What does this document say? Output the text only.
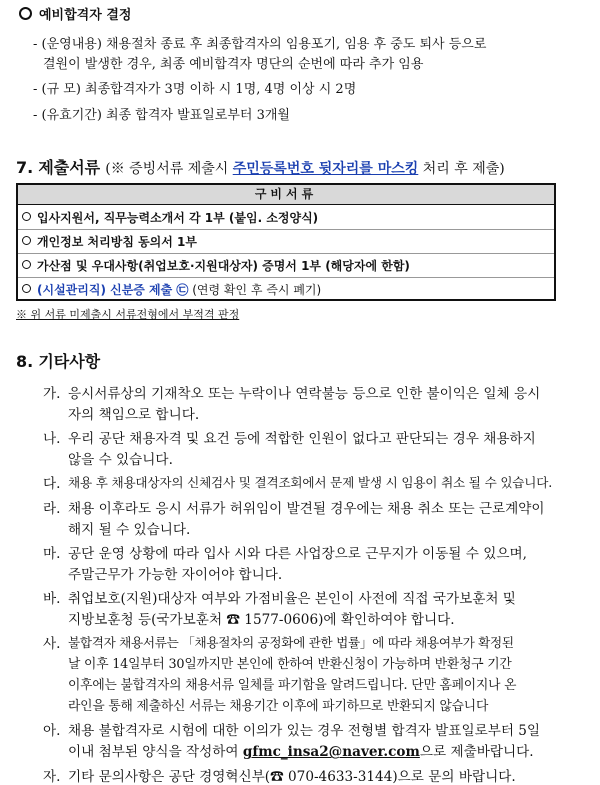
예비합격자 결정
- (운영내용) 채용절차 종료 후 최종합격자의 임용포기, 임용 후 중도 퇴사 등으로
결원이 발생한 경우, 최종 예비합격자 명단의 순번에 따라 추가 임용
- (규 모) 최종합격자가 3명 이하 시 1명, 4명 이상 시 2명
- (유효기간) 최종 합격자 발표일로부터 3개월
7. 제출서류 (※ 증빙서류 제출시 주민등록번호 뒷자리를 마스킹 처리 후 제출)
구비서류
입사지원서, 직무능력소개서 각 1부 (붙임. 소정양식)
개인정보 처리방침 동의서 1부
가산점 및 우대사항(취업보호·지원대상자) 증명서 1부 (해당자에 한함)
(시설관리직) 신분증 제출 ㉢ (연령 확인 후 즉시 폐기)
※ 위 서류 미제출시 서류전형에서 부적격 판정
8. 기타사항
가. 응시서류상의 기재착오 또는 누락이나 연락불능 등으로 인한 불이익은 일체 응시
자의 책임으로 합니다.
나. 우리 공단 채용자격 및 요건 등에 적합한 인원이 없다고 판단되는 경우 채용하지
않을 수 있습니다.
다. 채용 후 채용대상자의 신체검사 및 결격조회에서 문제 발생 시 임용이 취소 될 수 있습니다.
라. 채용 이후라도 응시 서류가 허위임이 발견될 경우에는 채용 취소 또는 근로계약이
해지 될 수 있습니다.
마. 공단 운영 상황에 따라 입사 시와 다른 사업장으로 근무지가 이동될 수 있으며,
주말근무가 가능한 자이어야 합니다.
바. 취업보호(지원)대상자 여부와 가점비율은 본인이 사전에 직접 국가보훈처 및
지방보훈청 등(국가보훈처 ☎ 1577-0606)에 확인하여야 합니다.
사. 불합격자 채용서류는 「채용절차의 공정화에 관한 법률」에 따라 채용여부가 확정된
날 이후 14일부터 30일까지만 본인에 한하여 반환신청이 가능하며 반환청구 기간
이후에는 불합격자의 채용서류 일체를 파기함을 알려드립니다. 단만 홈페이지나 온
라인을 통해 제출하신 서류는 채용기간 이후에 파기하므로 반환되지 않습니다
아.
자. 기타 문의사항은 공단 경영혁신부(☎ 070-4633-3144)으로 문의 바랍니다.
채용 불합격자로 시험에 대한 이의가 있는 경우 전형별 합격자 발표일로부터 5일
이내 첨부된 양식을 작성하여 gfmc_insa2@naver.com으로 제출바랍니다.
